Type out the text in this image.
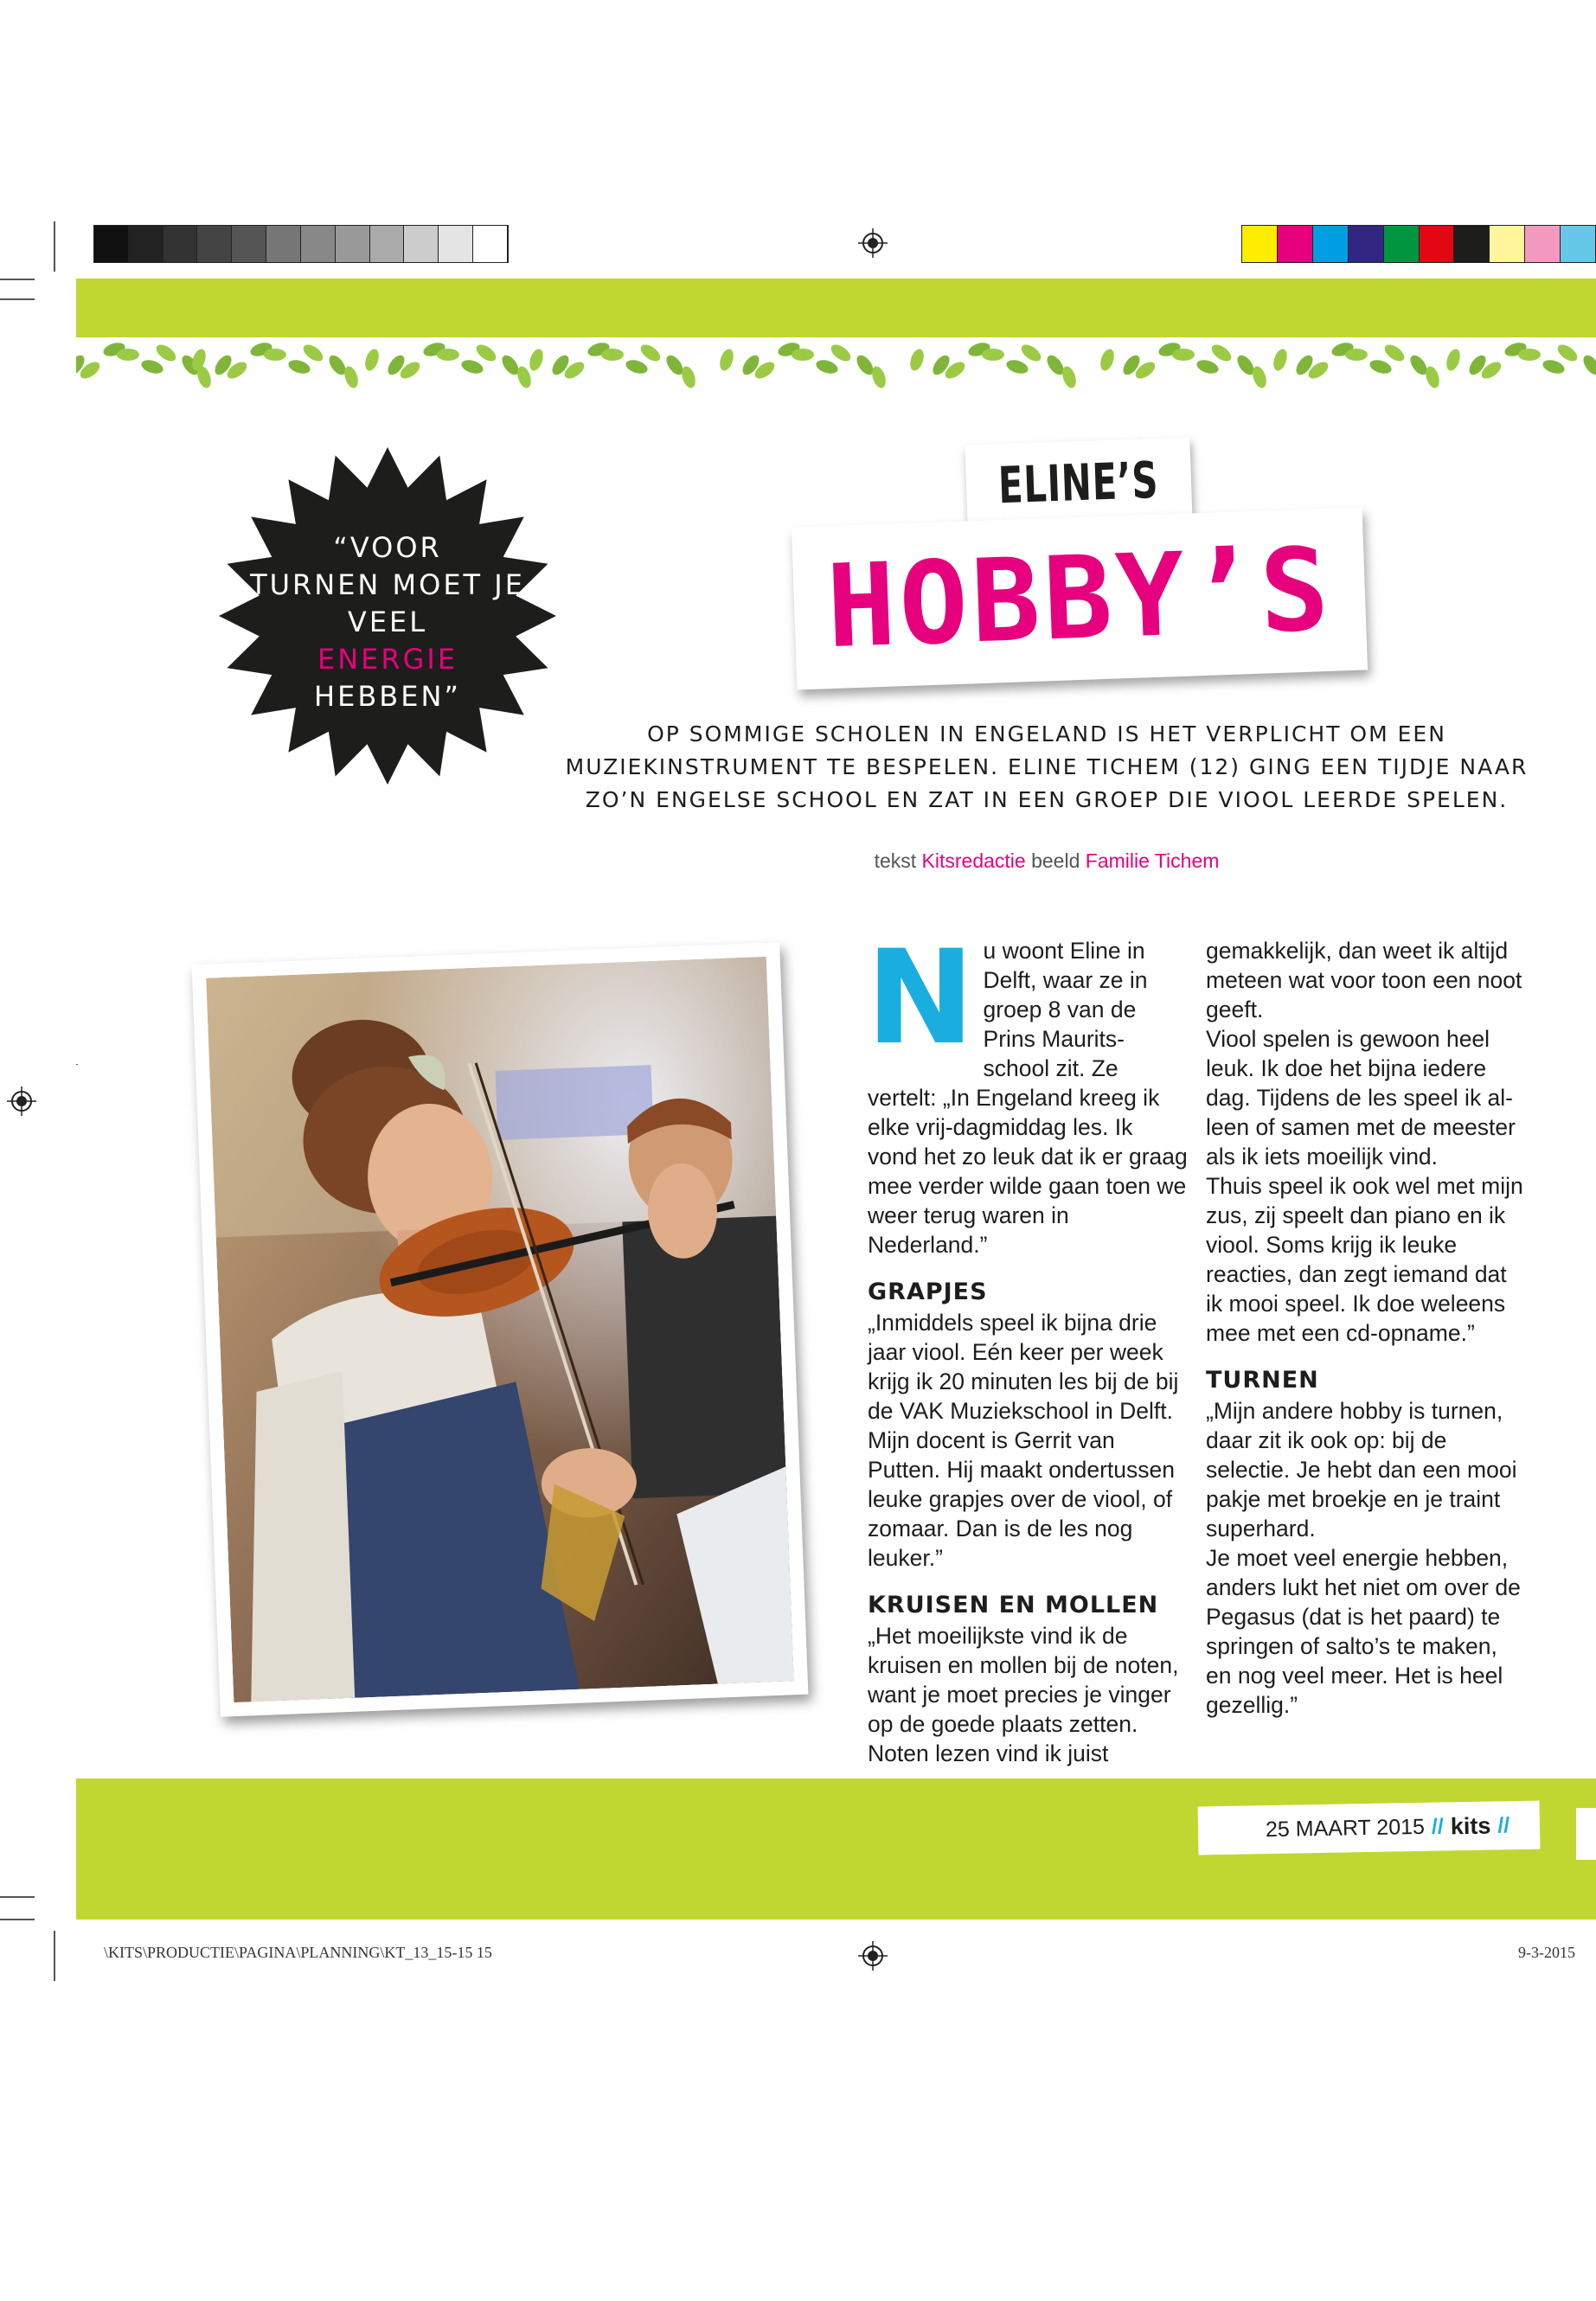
“VOOR
TURNEN MOET JE
VEEL
ENERGIE
HEBBEN”
ELINE’S
HOBBY’S
OP SOMMIGE SCHOLEN IN ENGELAND IS HET VERPLICHT OM EEN MUZIEKINSTRUMENT TE BESPELEN. ELINE TICHEM (12) GING EEN TIJDJE NAAR ZO’N ENGELSE SCHOOL EN ZAT IN EEN GROEP DIE VIOOL LEERDE SPELEN.
tekst Kitsredactie beeld Familie Tichem
N u woont Eline in Delft, waar ze in groep 8 van de Prins Maurits-school zit. Ze vertelt: „In Engeland kreeg ik elke vrij-dagmiddag les. Ik vond het zo leuk dat ik er graag mee verder wilde gaan toen we weer terug waren in Nederland.”

GRAPJES

„Inmiddels speel ik bijna drie jaar viool. Eén keer per week krijg ik 20 minuten les bij de bij de VAK Muziekschool in Delft. Mijn docent is Gerrit van Putten. Hij maakt ondertussen leuke grapjes over de viool, of zomaar. Dan is de les nog leuker.”

KRUISEN EN MOLLEN

„Het moeilijkste vind ik de kruisen en mollen bij de noten, want je moet precies je vinger op de goede plaats zetten. Noten lezen vind ik juist

gemakkelijk, dan weet ik altijd meteen wat voor toon een noot geeft.

Viool spelen is gewoon heel leuk. Ik doe het bijna iedere dag. Tijdens de les speel ik al-leen of samen met de meester als ik iets moeilijk vind.

Thuis speel ik ook wel met mijn zus, zij speelt dan piano en ik viool. Soms krijg ik leuke reacties, dan zegt iemand dat ik mooi speel. Ik doe weleens mee met een cd-opname.”

TURNEN

„Mijn andere hobby is turnen, daar zit ik ook op: bij de selectie. Je hebt dan een mooi pakje met broekje en je traint superhard.

Je moet veel energie hebben, anders lukt het niet om over de Pegasus (dat is het paard) te springen of salto’s te maken, en nog veel meer. Het is heel gezellig.”

25 MAART 2015 // kits //
\KITS\PRODUCTIE\PAGINA\PLANNING\KT_13_15-15 15	9-3-2015
